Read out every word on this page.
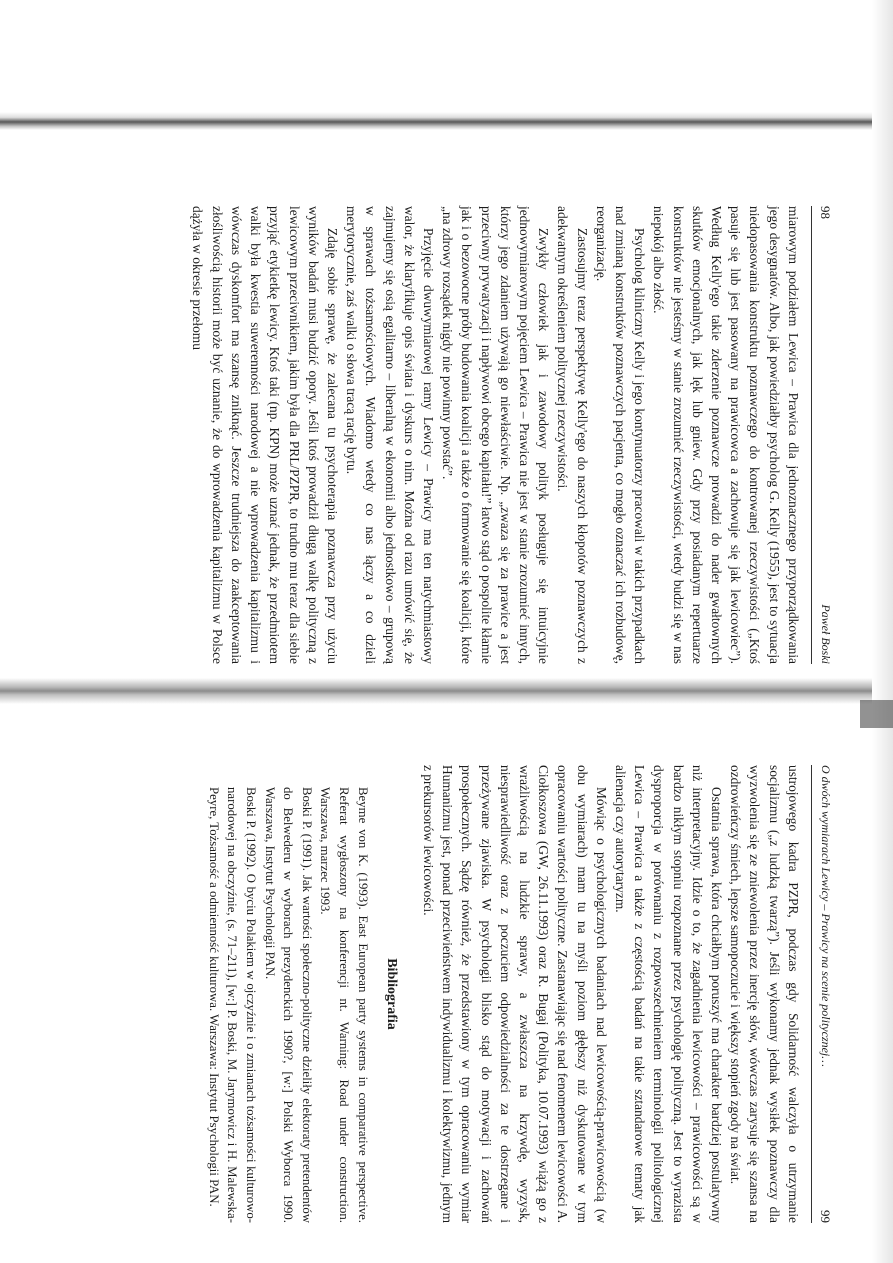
98
Paweł Boski

miarowym podziałem Lewica – Prawica dla jednoznacznego przyporządkowania jego desygnatów. Albo, jak powiedziałby psycholog G. Kelly (1955), jest to sytuacja niedopasowania konstruktu poznawczego do kontrowanej rzeczywistości („Ktoś pasuje się lub jest pasowany na prawicowca a zachowuje się jak lewicowiec”). Według Kelly'ego takie zderzenie poznawcze prowadzi do nader gwałtownych skutków emocjonalnych, jak lęk lub gniew. Gdy przy posiadanym repertuarze konstruktów nie jesteśmy w stanie zrozumieć rzeczywistości, wtedy budzi się w nas niepokój albo złość.

Psycholog kliniczny Kelly i jego kontynuatorzy pracowali w takich przypadkach nad zmianą konstruktów poznawczych pacjenta, co mogło oznaczać ich rozbudowę, reorganizację.

Zastosujmy teraz perspektywę Kelly'ego do naszych kłopotów poznawczych z adekwatnym określeniem politycznej rzeczywistości.

Zwykły człowiek jak i zawodowy polityk posługuje się intuicyjnie jednowymiarowym pojęciem Lewica – Prawica nie jest w stanie zrozumieć innych, którzy jego zdaniem używają go niewłaściwie. Np. „zwaza się za prawice a jest przeciwny prywatyzacji i napływowi obcego kapitału!” łatwo stąd o pospolite kłamie jak i o bezowocne próby budowania koalicji a także o formowanie się koalicji, które „na zdrowy rozsądek nigdy nie powinny powstać”.

Przyjęcie dwuwymiarowej ramy Lewicy – Prawicy ma ten natychmiastowy walor, że klaryfikuje opis świata i dyskurs o nim. Można od razu umówić się, że zajmujemy się osią egalitarno – liberalną w ekonomii albo jednostkowo – grupową w sprawach tożsamościowych. Wiadomo wtedy co nas łączy a co dzieli merytorycznie, zaś walki o słowa tracą rację bytu.

Zdaję sobie sprawę, że zalecana tu psychoterapia poznawcza przy użyciu wyników badań musi budzić opory. Jeśli ktoś prowadził długą walkę polityczną z lewicowym przeciwnikiem, jakim była dla PRL/PZPR, to trudno mu teraz dla siebie przyjąć etykietkę lewicy. Ktoś taki (np. KPN) może uznać jednak, że przedmiotem walki była kwestia suwerenności narodowej a nie wprowadzenia kapitalizmu i wówczas dyskomfort ma szansę zniknąć. Jeszcze trudniejsza do zaakceptowania złośliwością historii może być uznanie, że do wprowadzenia kapitalizmu w Polsce dążyła w okresie przełomu

O dwóch wymiarach Lewicy – Prawicy na scenie politycznej…
99

ustrojowego kadra PZPR, podczas gdy Solidarność walczyła o utrzymanie socjalizmu („z ludzką twarzą”). Jeśli wykonamy jednak wysiłek poznawczy dla wyzwolenia się ze zniewolenia przez inercję słów, wówczas zarysuje się szansa na ozdrowieńczy śmiech, lepsze samopoczucie i większy stopień zgody na świat.

Ostatnia sprawa, która chciałbym poruszyć ma charakter bardziej postulatywny niż interpretacyjny. Idzie o to, że zagadnienia lewicowości – prawicowości są w bardzo nikłym stopniu rozpoznane przez psychologię polityczną. Jest to wyrazista dysproporcja w porównaniu z rozpowszechnieniem terminologii politologicznej Lewica – Prawica a także z częstością badań na takie sztandarowe tematy jak alienacja czy autorytaryzm.

Mówiąc o psychologicznych badaniach nad lewicowością-prawicowością (w obu wymiarach) mam tu na myśli poziom głębszy niż dyskutowane w tym opracowaniu wartości polityczne. Zastanawiając się nad fenomenem lewicowości A. Ciołkoszowa (GW, 26.11.1993) oraz R. Bugaj (Polityka, 10.07.1993) wiążą go z wrażliwością na ludzkie sprawy, a zwłaszcza na krzywdę, wyzysk, niesprawiedliwość oraz z poczuciem odpowiedzialności za te dostrzegane i przeżywane zjawiska. W psychologii blisko stąd do motywacji i zachowań prospołecznych. Sądzę również, że przedstawiony w tym opracowaniu wymiar Humanizmu jest, ponad przeciwieństwem indywidualizmu i kolektywizmu, jednym z prekursorów lewicowości.

Bibliografia

Beyme von K. (1993). East European party systems in comparative perspective. Referat wygłoszony na konferencji nt. Warning: Road under construction. Warszawa, marzec 1993.

Boski P. (1991). Jak wartości społeczno-polityczne dzieliły elektoraty pretendentów do Belwederu w wyborach prezydenckich 1990?, [w:] Polski Wyborca 1990. Warszawa, Instytut Psychologii PAN.

Boski P. (1992). O byciu Polakiem w ojczyźnie i o zmianach tożsamości kulturowo-narodowej na obczyźnie, (s. 71–211), [w:] P. Boski, M. Jarymowicz i H. Malewska-Peyre, Tożsamość a odmienność kulturowa. Warszawa: Instytut Psychologii PAN.
